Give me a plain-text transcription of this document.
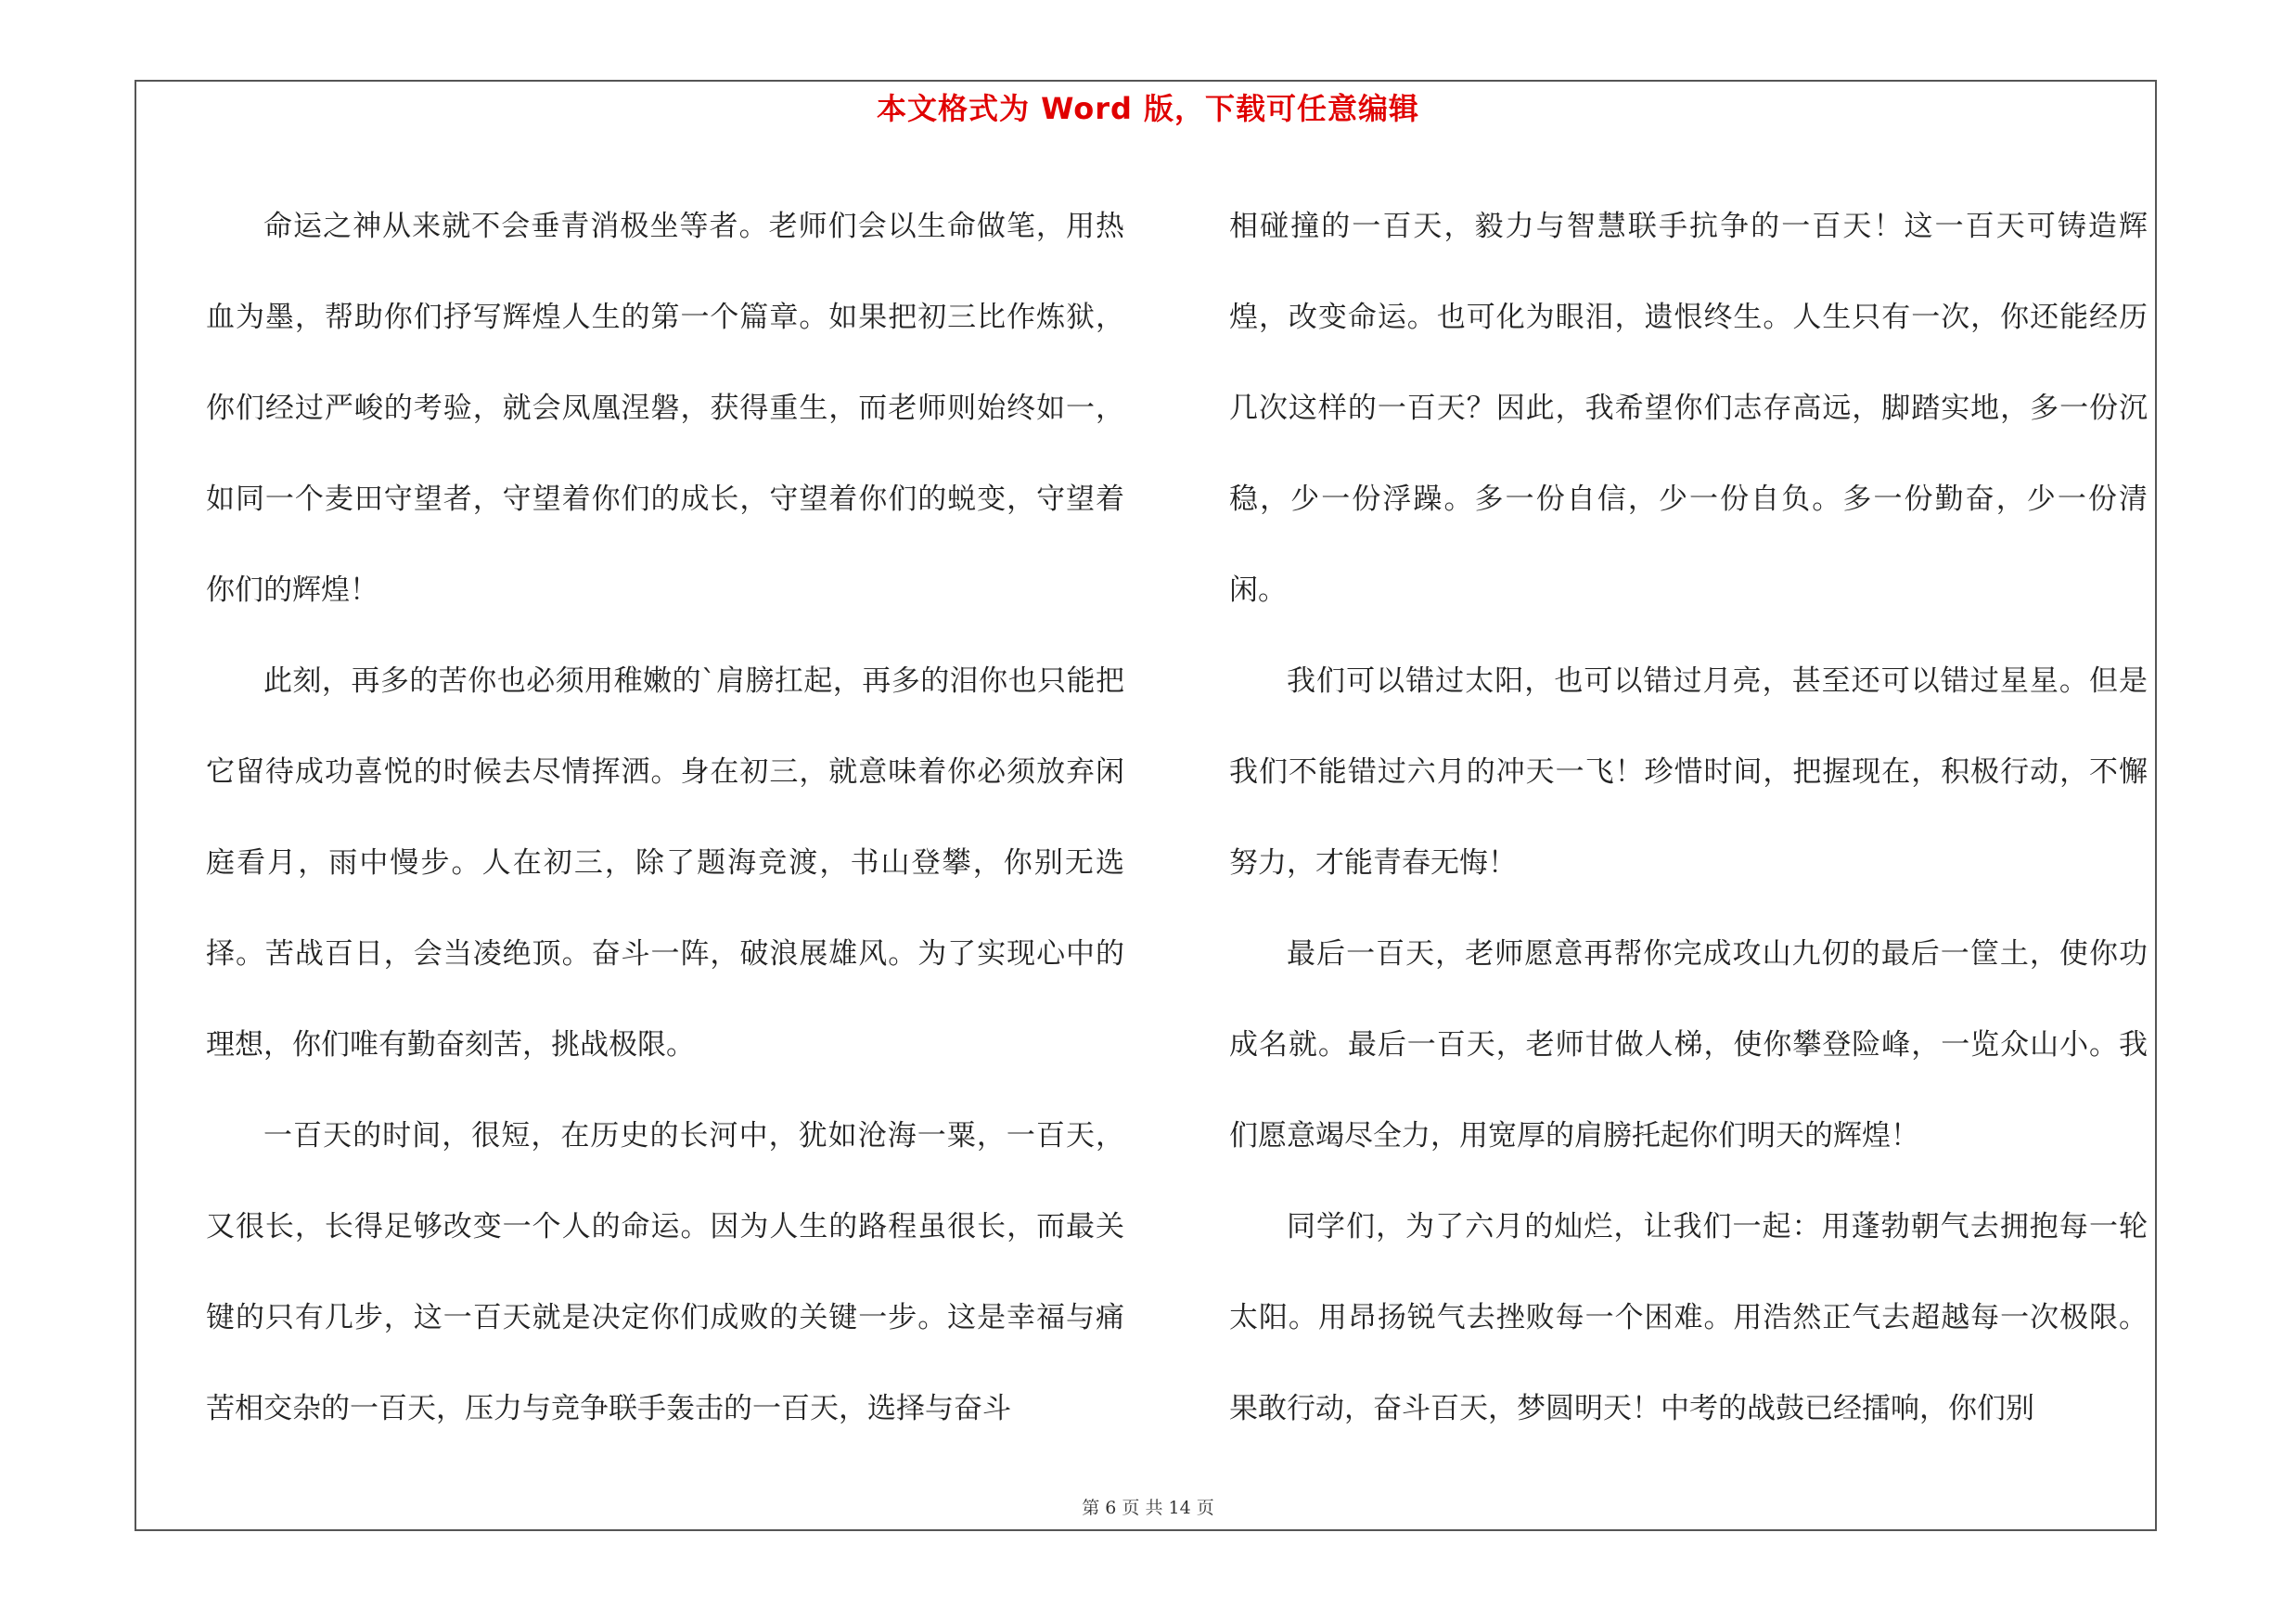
本文格式为 Word 版，下载可任意编辑

命运之神从来就不会垂青消极坐等者。老师们会以生命做笔，用热血为墨，帮助你们抒写辉煌人生的第一个篇章。如果把初三比作炼狱，你们经过严峻的考验，就会凤凰涅磐，获得重生，而老师则始终如一，如同一个麦田守望者，守望着你们的成长，守望着你们的蜕变，守望着你们的辉煌！

此刻，再多的苦你也必须用稚嫩的`肩膀扛起，再多的泪你也只能把它留待成功喜悦的时候去尽情挥洒。身在初三，就意味着你必须放弃闲庭看月，雨中慢步。人在初三，除了题海竞渡，书山登攀，你别无选择。苦战百日，会当凌绝顶。奋斗一阵，破浪展雄风。为了实现心中的理想，你们唯有勤奋刻苦，挑战极限。

一百天的时间，很短，在历史的长河中，犹如沧海一粟，一百天，又很长，长得足够改变一个人的命运。因为人生的路程虽很长，而最关键的只有几步，这一百天就是决定你们成败的关键一步。这是幸福与痛苦相交杂的一百天，压力与竞争联手轰击的一百天，选择与奋斗

相碰撞的一百天，毅力与智慧联手抗争的一百天！这一百天可铸造辉煌，改变命运。也可化为眼泪，遗恨终生。人生只有一次，你还能经历几次这样的一百天？因此，我希望你们志存高远，脚踏实地，多一份沉稳，少一份浮躁。多一份自信，少一份自负。多一份勤奋，少一份清闲。

我们可以错过太阳，也可以错过月亮，甚至还可以错过星星。但是我们不能错过六月的冲天一飞！珍惜时间，把握现在，积极行动，不懈努力，才能青春无悔！

最后一百天，老师愿意再帮你完成攻山九仞的最后一筐土，使你功成名就。最后一百天，老师甘做人梯，使你攀登险峰，一览众山小。我们愿意竭尽全力，用宽厚的肩膀托起你们明天的辉煌！

同学们，为了六月的灿烂，让我们一起：用蓬勃朝气去拥抱每一轮太阳。用昂扬锐气去挫败每一个困难。用浩然正气去超越每一次极限。果敢行动，奋斗百天，梦圆明天！中考的战鼓已经擂响，你们别

第 6 页 共 14 页
